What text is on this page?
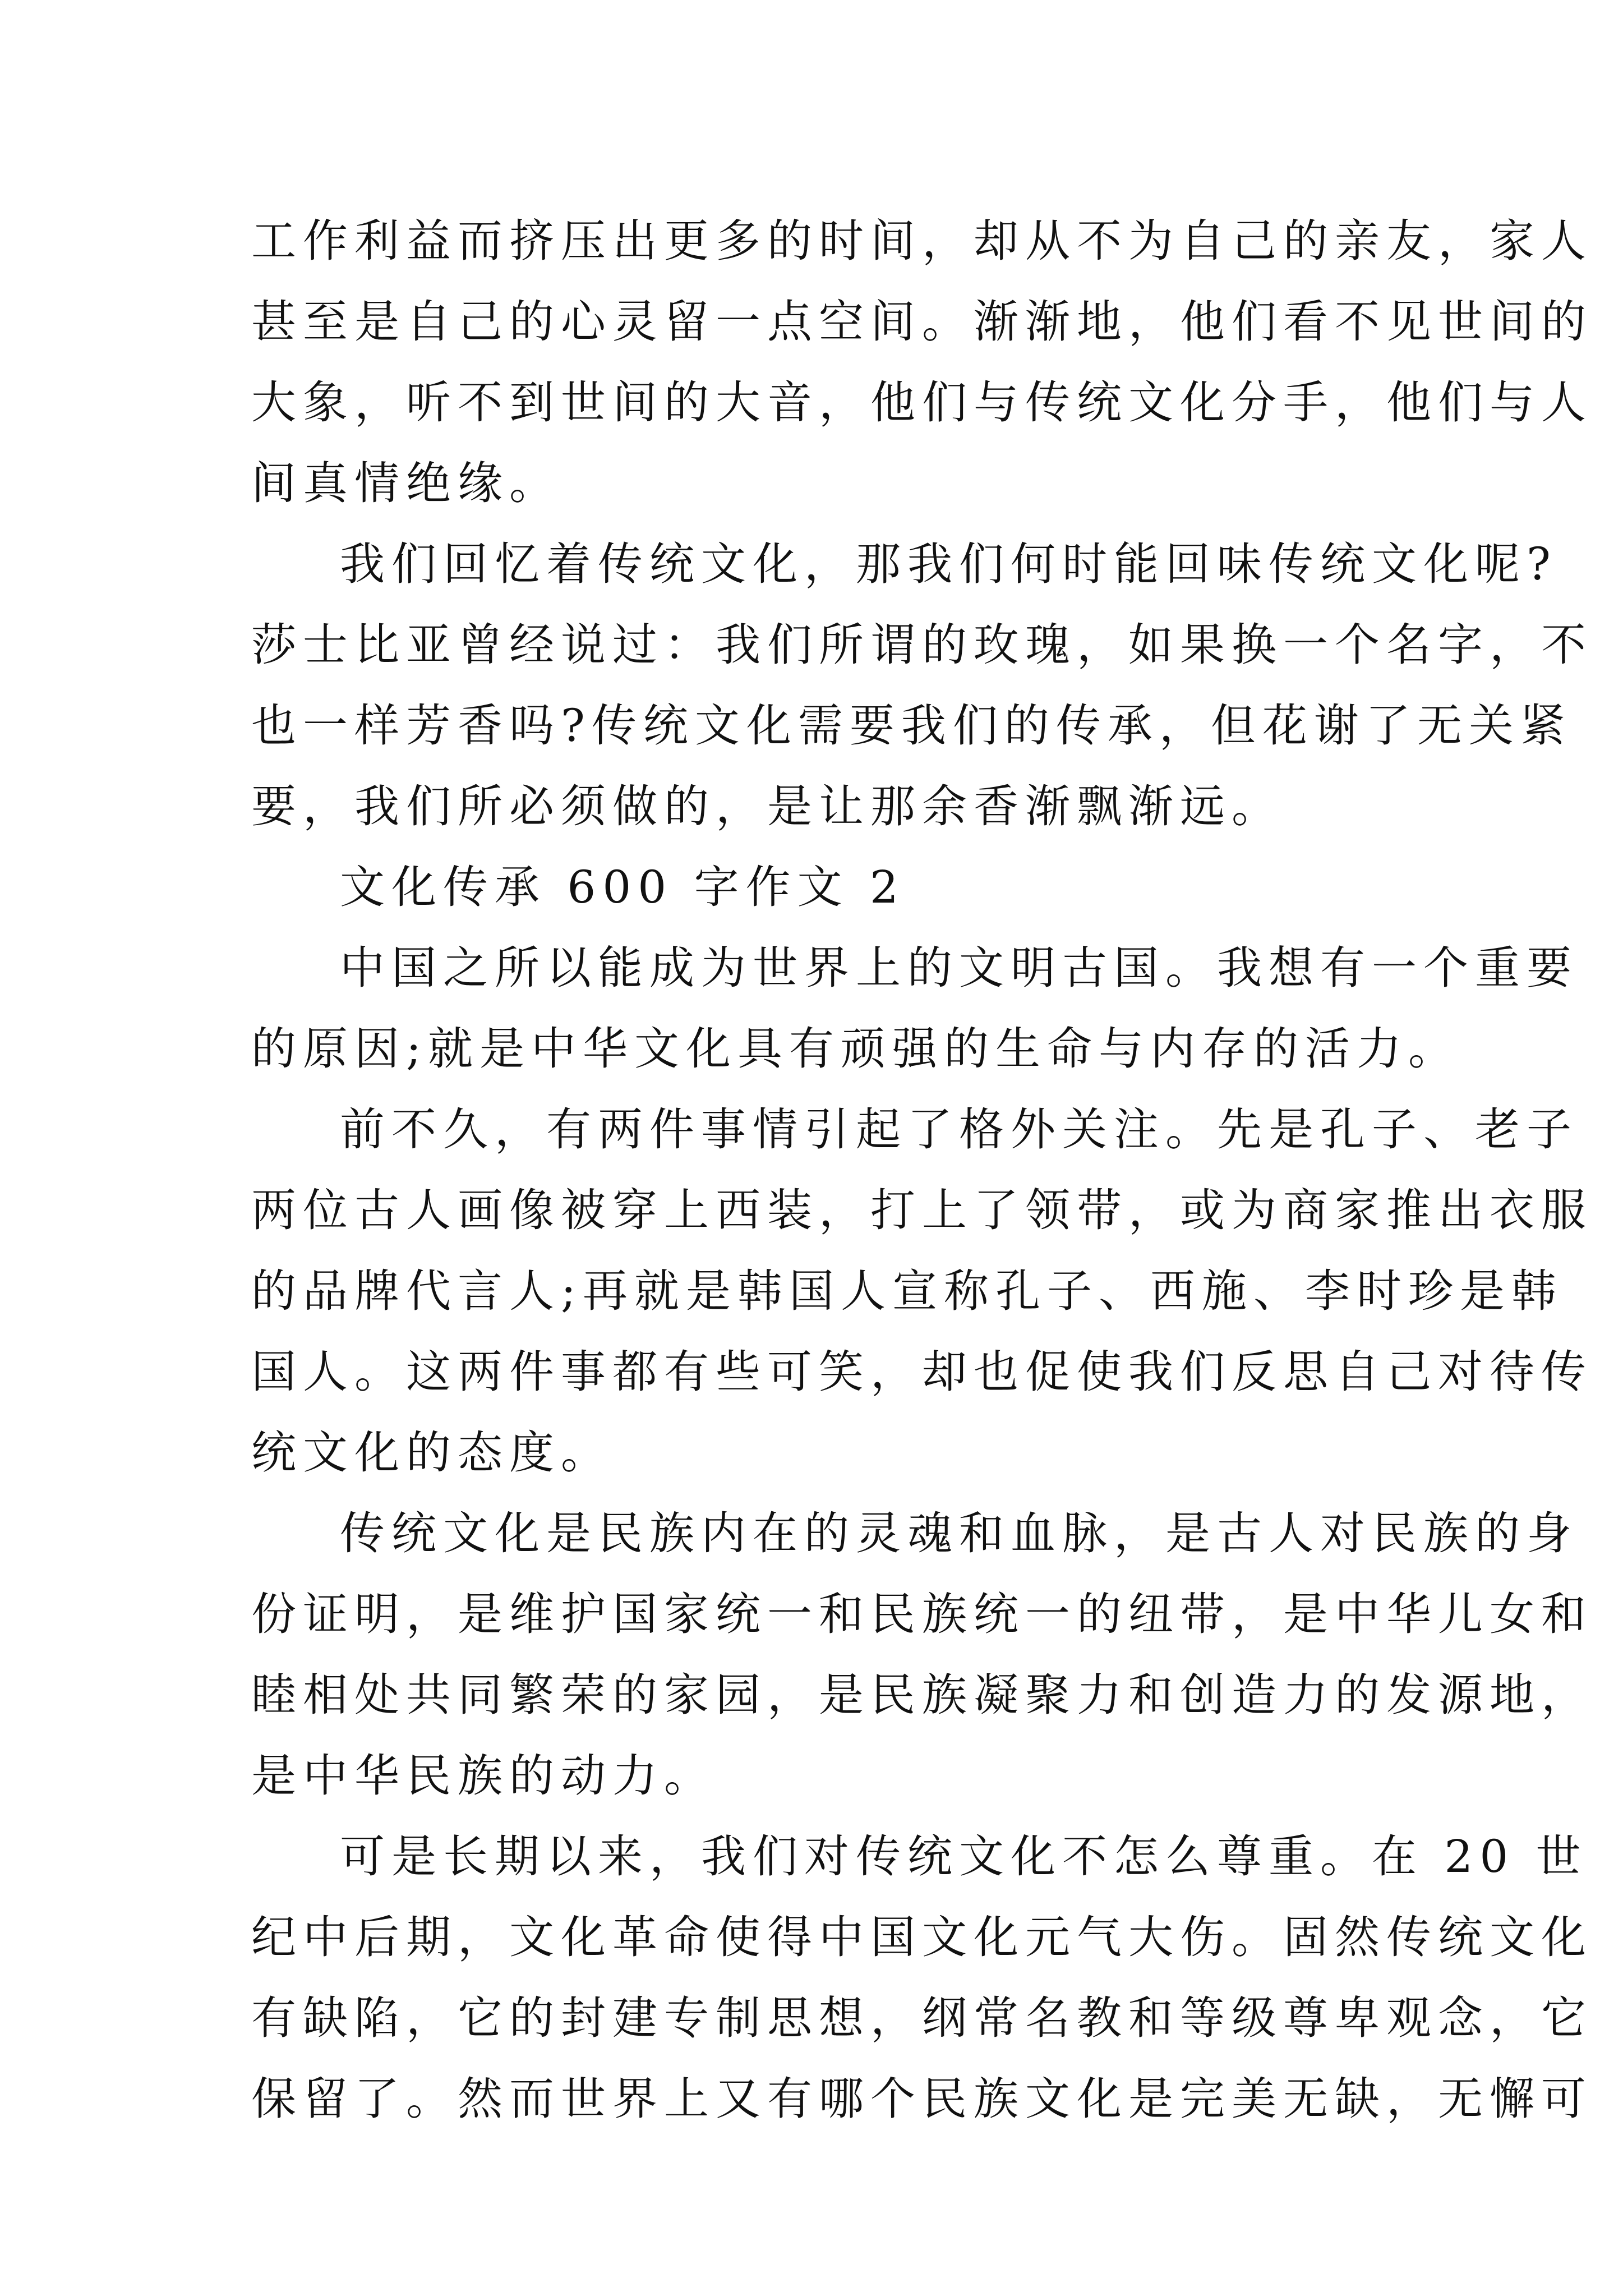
工作利益而挤压出更多的时间，却从不为自己的亲友，家人
甚至是自己的心灵留一点空间。渐渐地，他们看不见世间的
大象，听不到世间的大音，他们与传统文化分手，他们与人
间真情绝缘。
我们回忆着传统文化，那我们何时能回味传统文化呢?
莎士比亚曾经说过：我们所谓的玫瑰，如果换一个名字，不
也一样芳香吗?传统文化需要我们的传承，但花谢了无关紧
要，我们所必须做的，是让那余香渐飘渐远。
文化传承 600 字作文 2
中国之所以能成为世界上的文明古国。我想有一个重要
的原因;就是中华文化具有顽强的生命与内存的活力。
前不久，有两件事情引起了格外关注。先是孔子、老子
两位古人画像被穿上西装，打上了领带，或为商家推出衣服
的品牌代言人;再就是韩国人宣称孔子、西施、李时珍是韩
国人。这两件事都有些可笑，却也促使我们反思自己对待传
统文化的态度。
传统文化是民族内在的灵魂和血脉，是古人对民族的身
份证明，是维护国家统一和民族统一的纽带，是中华儿女和
睦相处共同繁荣的家园，是民族凝聚力和创造力的发源地，
是中华民族的动力。
可是长期以来，我们对传统文化不怎么尊重。在 20 世
纪中后期，文化革命使得中国文化元气大伤。固然传统文化
有缺陷，它的封建专制思想，纲常名教和等级尊卑观念，它
保留了。然而世界上又有哪个民族文化是完美无缺，无懈可
